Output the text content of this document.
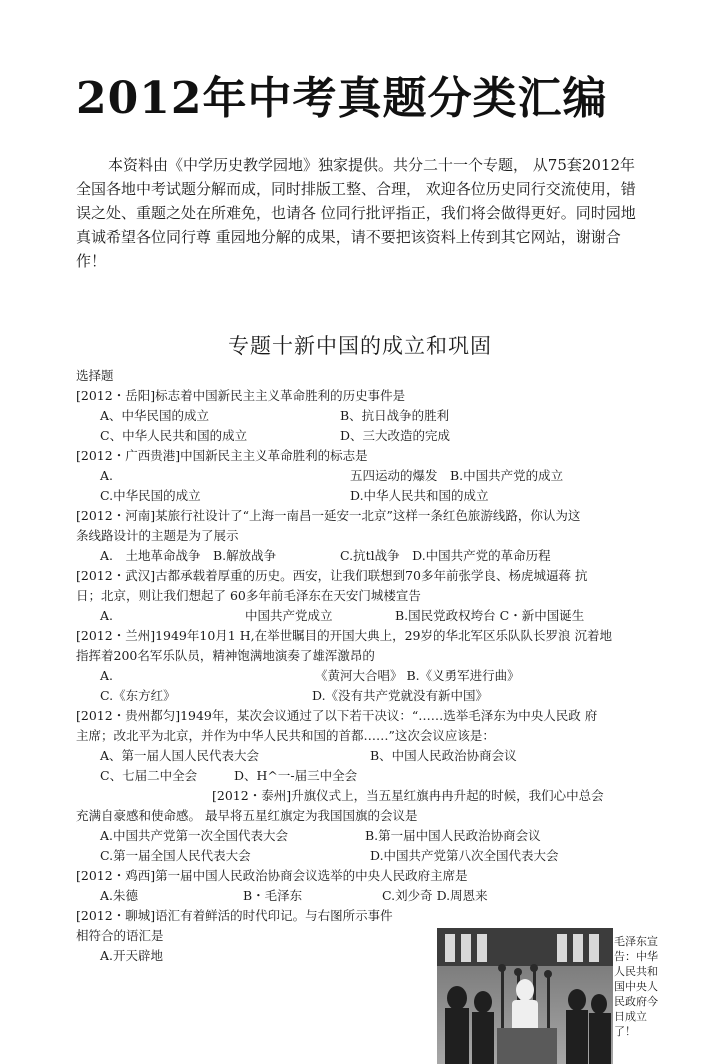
2012年中考真题分类汇编

本资料由《中学历史教学园地》独家提供。共分二十一个专题， 从75套2012年全国各地中考试题分解而成，同时排版工整、合理， 欢迎各位历史同行交流使用，错误之处、重题之处在所难免，也请各 位同行批评指正，我们将会做得更好。同时园地真诚希望各位同行尊 重园地分解的成果，请不要把该资料上传到其它网站，谢谢合作！

专题十新中国的成立和巩固
选择题
[2012・岳阳]标志着中国新民主主义革命胜利的历史事件是
A、中华民国的成立	B、抗日战争的胜利
C、中华人民共和国的成立	D、三大改造的完成
[2012・广西贵港]中国新民主主义革命胜利的标志是
A.	五四运动的爆发　B.中国共产党的成立
C.中华民国的成立	D.中华人民共和国的成立
[2012・河南]某旅行社设计了“上海一南昌一延安一北京”这样一条红色旅游线路，你认为这
条线路设计的主题是为了展示
A.　土地革命战争　B.解放战争	C.抗tl战争　D.中国共产党的革命历程
[2012・武汉]古都承载着厚重的历史。西安，让我们联想到70多年前张学良、杨虎城逼蒋 抗
日；北京，则让我们想起了 60多年前毛泽东在天安门城楼宣告
A.	中国共产党成立	B.国民党政权垮台 C・新中国诞生
[2012・兰州]1949年10月1 H,在举世瞩目的开国大典上，29岁的华北军区乐队队长罗浪 沉着地
指挥着200名军乐队员，精神饱满地演奏了雄浑激昂的
A.	《黄河大合唱》 B.《义勇军进行曲》
C.《东方红》	D.《没有共产党就没有新中国》
[2012・贵州都匀]1949年，某次会议通过了以下若干决议：“……选举毛泽东为中央人民政 府
主席；改北平为北京，并作为中华人民共和国的首都……”这次会议应该是：
A、第一届人国人民代表大会	B、中国人民政治协商会议
C、七届二中全会	D、H^一-届三中全会
[2012・泰州]升旗仪式上，当五星红旗冉冉升起的时候，我们心中总会
充满自豪感和使命感。 最早将五星红旗定为我国国旗的会议是
A.中国共产党第一次全国代表大会	B.第一届中国人民政治协商会议
C.第一届全国人民代表大会	D.中国共产党第八次全国代表大会
[2012・鸡西]第一届中国人民政治协商会议选举的中央人民政府主席是
A.朱德	B・毛泽东	C.刘少奇 D.周恩来
[2012・聊城]语汇有着鲜活的时代印记。与右图所示事件
相符合的语汇是
A.开天辟地
毛泽东宣告：中华人民共和国中央人民政府今日成立了！
